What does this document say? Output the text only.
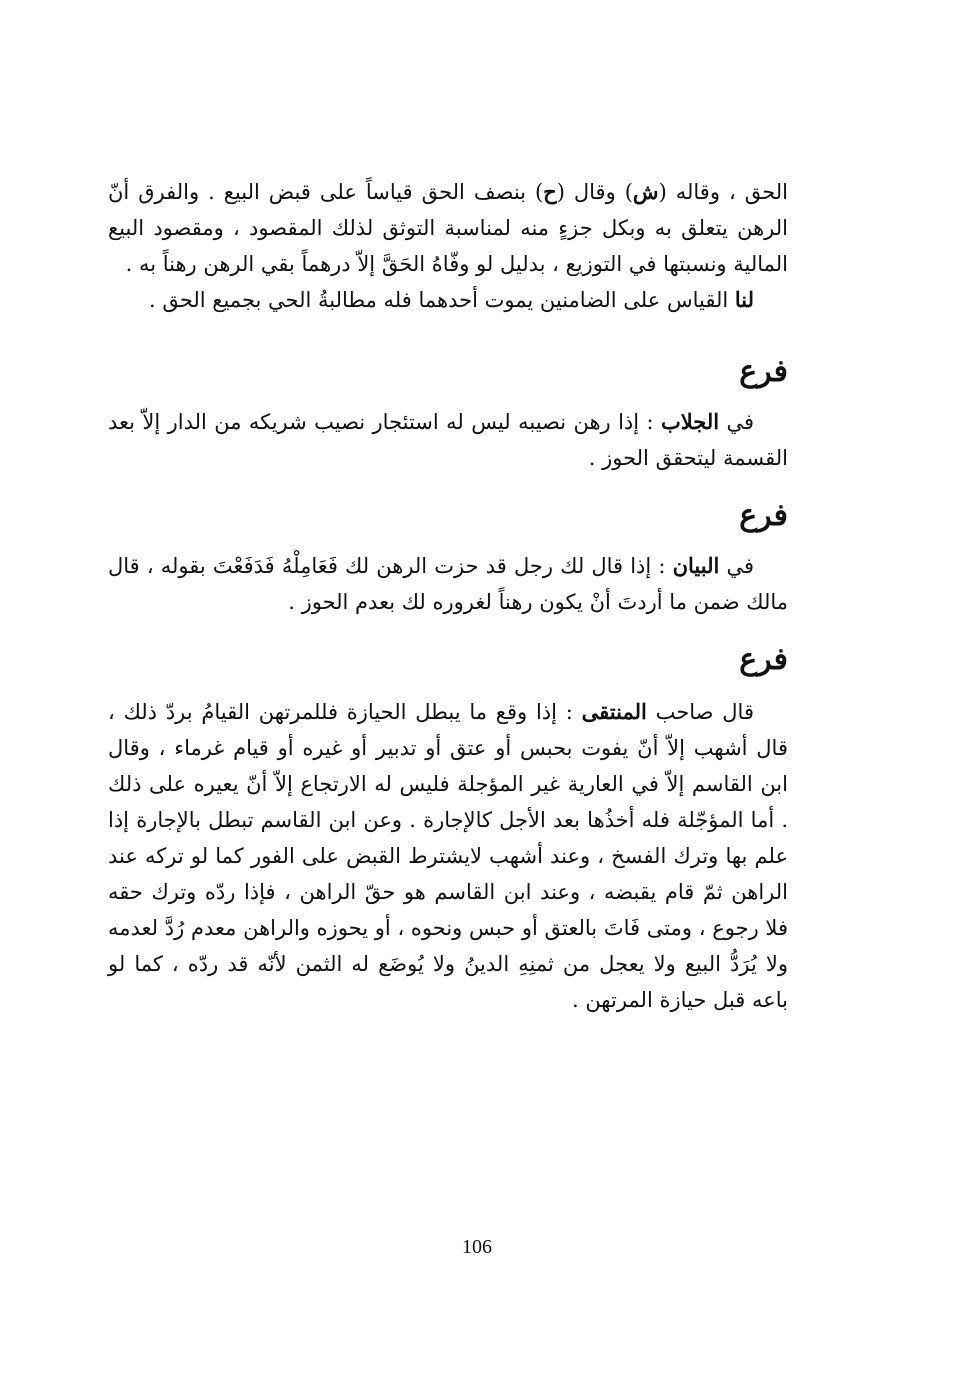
الحق ، وقاله (ش) وقال (ح) بنصف الحق قياساً على قبض البيع . والفرق أنّ الرهن يتعلق به وبكل جزءٍ منه لمناسبة التوثق لذلك المقصود ، ومقصود البيع المالية ونسبتها في التوزيع ، بدليل لو وفّاهُ الحَقَّ إلاّ درهماً بقي الرهن رهناً به .

لنا القياس على الضامنين يموت أحدهما فله مطالبةُ الحي بجميع الحق .

فرع

في الجلاب : إذا رهن نصيبه ليس له استئجار نصيب شريكه من الدار إلاّ بعد القسمة ليتحقق الحوز .

فرع

في البيان : إذا قال لك رجل قد حزت الرهن لك فَعَامِلْهُ فَدَفَعْتَ بقوله ، قال مالك ضمن ما أردتَ أنْ يكون رهناً لغروره لك بعدم الحوز .

فرع

قال صاحب المنتقى : إذا وقع ما يبطل الحيازة فللمرتهن القيامُ بردّ ذلك ، قال أشهب إلاّ أنّ يفوت بحبس أو عتق أو تدبير أو غيره أو قيام غرماء ، وقال ابن القاسم إلاّ في العارية غير المؤجلة فليس له الارتجاع إلاّ أنّ يعيره على ذلك . أما المؤجّلة فله أخذُها بعد الأجل كالإجارة . وعن ابن القاسم تبطل بالإجارة إذا علم بها وترك الفسخ ، وعند أشهب لايشترط القبض على الفور كما لو تركه عند الراهن ثمّ قام يقبضه ، وعند ابن القاسم هو حقّ الراهن ، فإذا ردّه وترك حقه فلا رجوع ، ومتى فَاتَ بالعتق أو حبس ونحوه ، أو يحوزه والراهن معدم رُدَّ لعدمه ولا يُرَدُّ البيع ولا يعجل من ثمنِهِ الدينُ ولا يُوضَع له الثمن لأنّه قد ردّه ، كما لو باعه قبل حيازة المرتهن .

106
